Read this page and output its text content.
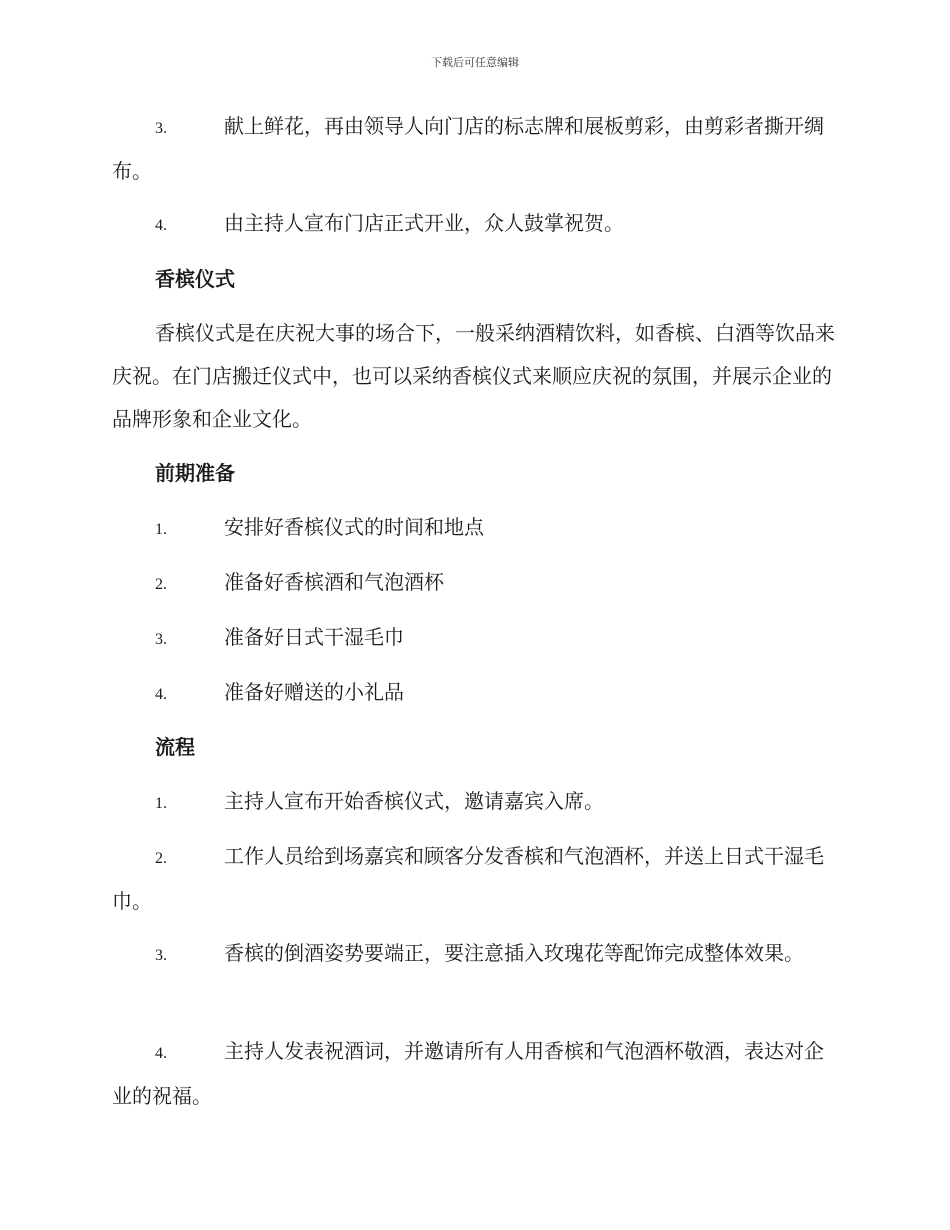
下载后可任意编辑
3.	献上鲜花，再由领导人向门店的标志牌和展板剪彩，由剪彩者撕开绸布。
4.	由主持人宣布门店正式开业，众人鼓掌祝贺。
香槟仪式
香槟仪式是在庆祝大事的场合下，一般采纳酒精饮料，如香槟、白酒等饮品来庆祝。在门店搬迁仪式中，也可以采纳香槟仪式来顺应庆祝的氛围，并展示企业的品牌形象和企业文化。
前期准备
1.	安排好香槟仪式的时间和地点
2.	准备好香槟酒和气泡酒杯
3.	准备好日式干湿毛巾
4.	准备好赠送的小礼品
流程
1.	主持人宣布开始香槟仪式，邀请嘉宾入席。
2.	工作人员给到场嘉宾和顾客分发香槟和气泡酒杯，并送上日式干湿毛巾。
3.	香槟的倒酒姿势要端正，要注意插入玫瑰花等配饰完成整体效果。
4.	主持人发表祝酒词，并邀请所有人用香槟和气泡酒杯敬酒，表达对企业的祝福。
